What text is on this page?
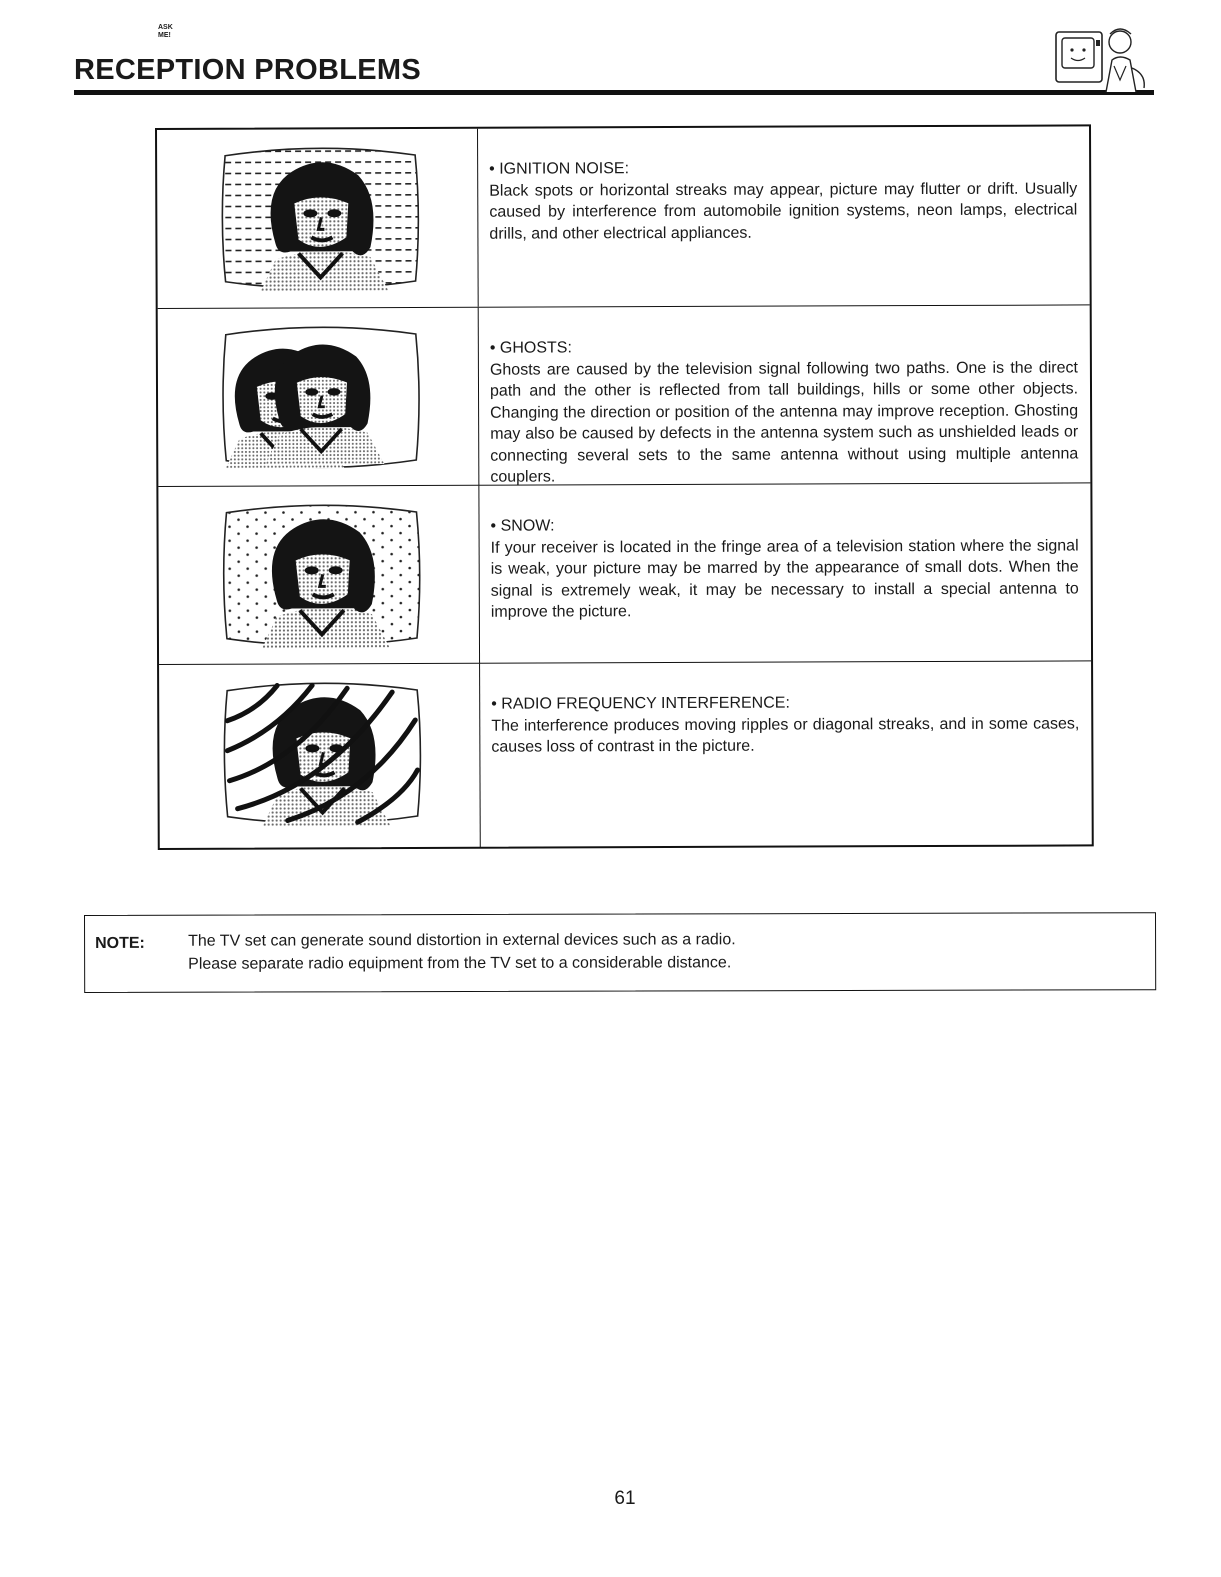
RECEPTION PROBLEMS
ASK
ME!
• IGNITION NOISE:
Black spots or horizontal streaks may appear, picture may flutter or drift. Usually caused by interference from automobile ignition systems, neon lamps, electrical drills, and other electrical appliances.
• GHOSTS:
Ghosts are caused by the television signal following two paths. One is the direct path and the other is reflected from tall buildings, hills or some other objects. Changing the direction or position of the antenna may improve reception. Ghosting may also be caused by defects in the antenna system such as unshielded leads or connecting several sets to the same antenna without using multiple antenna couplers.
• SNOW:
If your receiver is located in the fringe area of a television station where the signal is weak, your picture may be marred by the appearance of small dots. When the signal is extremely weak, it may be necessary to install a special antenna to improve the picture.
• RADIO FREQUENCY INTERFERENCE:
The interference produces moving ripples or diagonal streaks, and in some cases, causes loss of contrast in the picture.
NOTE:	The TV set can generate sound distortion in external devices such as a radio.
Please separate radio equipment from the TV set to a considerable distance.
61
